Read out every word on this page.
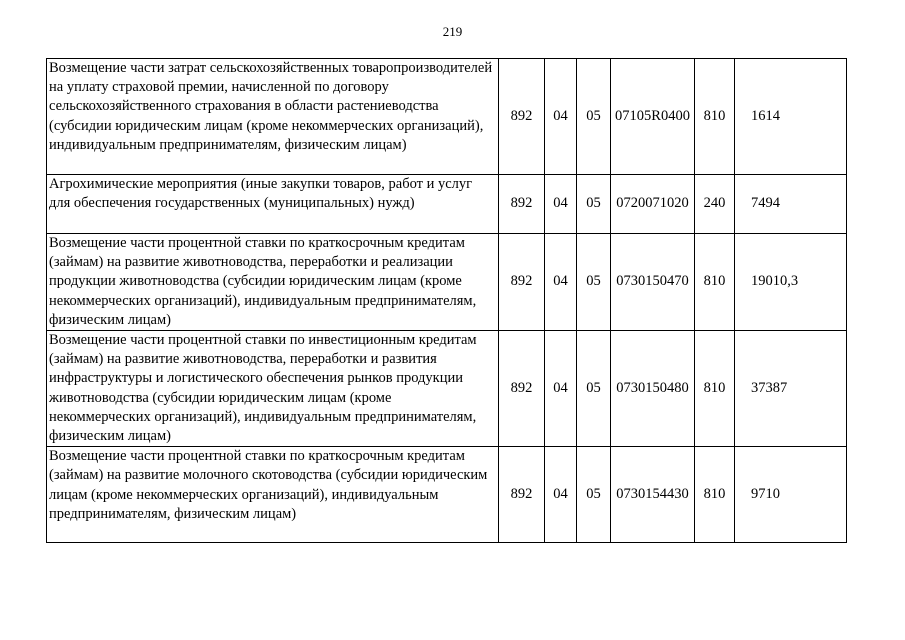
219
Возмещение части затрат сельскохозяйственных товаропроизводителей на уплату страховой премии, начисленной по договору сельскохозяйственного страхования в области растениеводства (субсидии юридическим лицам (кроме некоммерческих организаций), индивидуальным предпринимателям, физическим лицам)	892	04	05	07105R0400	810	1614
Агрохимические мероприятия (иные закупки товаров, работ и услуг для обеспечения государственных (муниципальных) нужд)	892	04	05	0720071020	240	7494
Возмещение части процентной ставки по краткосрочным кредитам (займам) на развитие животноводства, переработки и реализации продукции животноводства (субсидии юридическим лицам (кроме некоммерческих организаций), индивидуальным предпринимателям, физическим лицам)	892	04	05	0730150470	810	19010,3
Возмещение части процентной ставки по инвестиционным кредитам (займам) на развитие животноводства, переработки и развития инфраструктуры и логистического обеспечения рынков продукции животноводства (субсидии юридическим лицам (кроме некоммерческих организаций), индивидуальным предпринимателям, физическим лицам)	892	04	05	0730150480	810	37387
Возмещение части процентной ставки по краткосрочным кредитам (займам) на развитие молочного скотоводства (субсидии юридическим лицам (кроме некоммерческих организаций), индивидуальным предпринимателям, физическим лицам)	892	04	05	0730154430	810	9710
